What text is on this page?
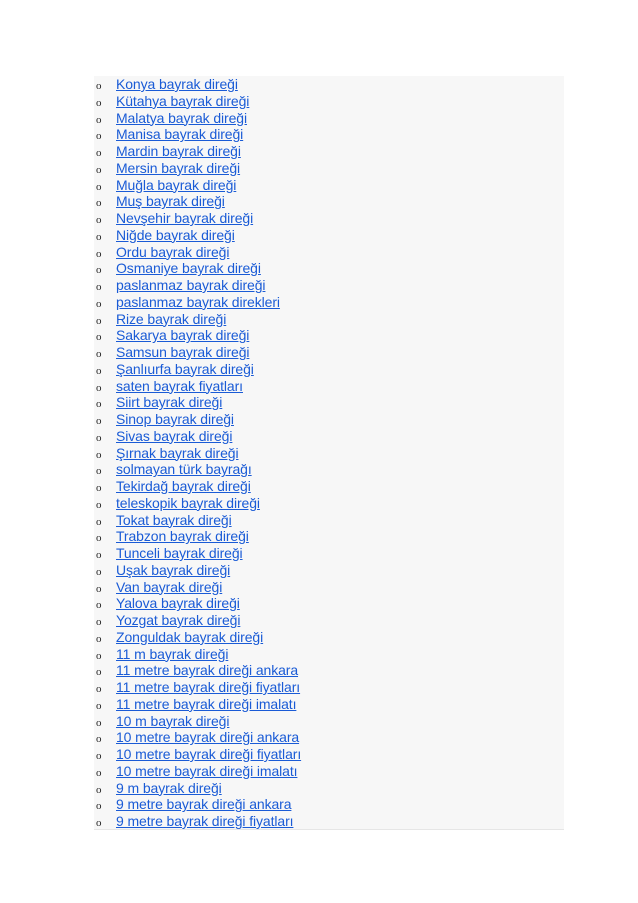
o Konya bayrak direği
o Kütahya bayrak direği
o Malatya bayrak direği
o Manisa bayrak direği
o Mardin bayrak direği
o Mersin bayrak direği
o Muğla bayrak direği
o Muş bayrak direği
o Nevşehir bayrak direği
o Niğde bayrak direği
o Ordu bayrak direği
o Osmaniye bayrak direği
o paslanmaz bayrak direği
o paslanmaz bayrak direkleri
o Rize bayrak direği
o Sakarya bayrak direği
o Samsun bayrak direği
o Şanlıurfa bayrak direği
o saten bayrak fiyatları
o Siirt bayrak direği
o Sinop bayrak direği
o Sivas bayrak direği
o Şırnak bayrak direği
o solmayan türk bayrağı
o Tekirdağ bayrak direği
o teleskopik bayrak direği
o Tokat bayrak direği
o Trabzon bayrak direği
o Tunceli bayrak direği
o Uşak bayrak direği
o Van bayrak direği
o Yalova bayrak direği
o Yozgat bayrak direği
o Zonguldak bayrak direği
o 11 m bayrak direği
o 11 metre bayrak direği ankara
o 11 metre bayrak direği fiyatları
o 11 metre bayrak direği imalatı
o 10 m bayrak direği
o 10 metre bayrak direği ankara
o 10 metre bayrak direği fiyatları
o 10 metre bayrak direği imalatı
o 9 m bayrak direği
o 9 metre bayrak direği ankara
o 9 metre bayrak direği fiyatları
